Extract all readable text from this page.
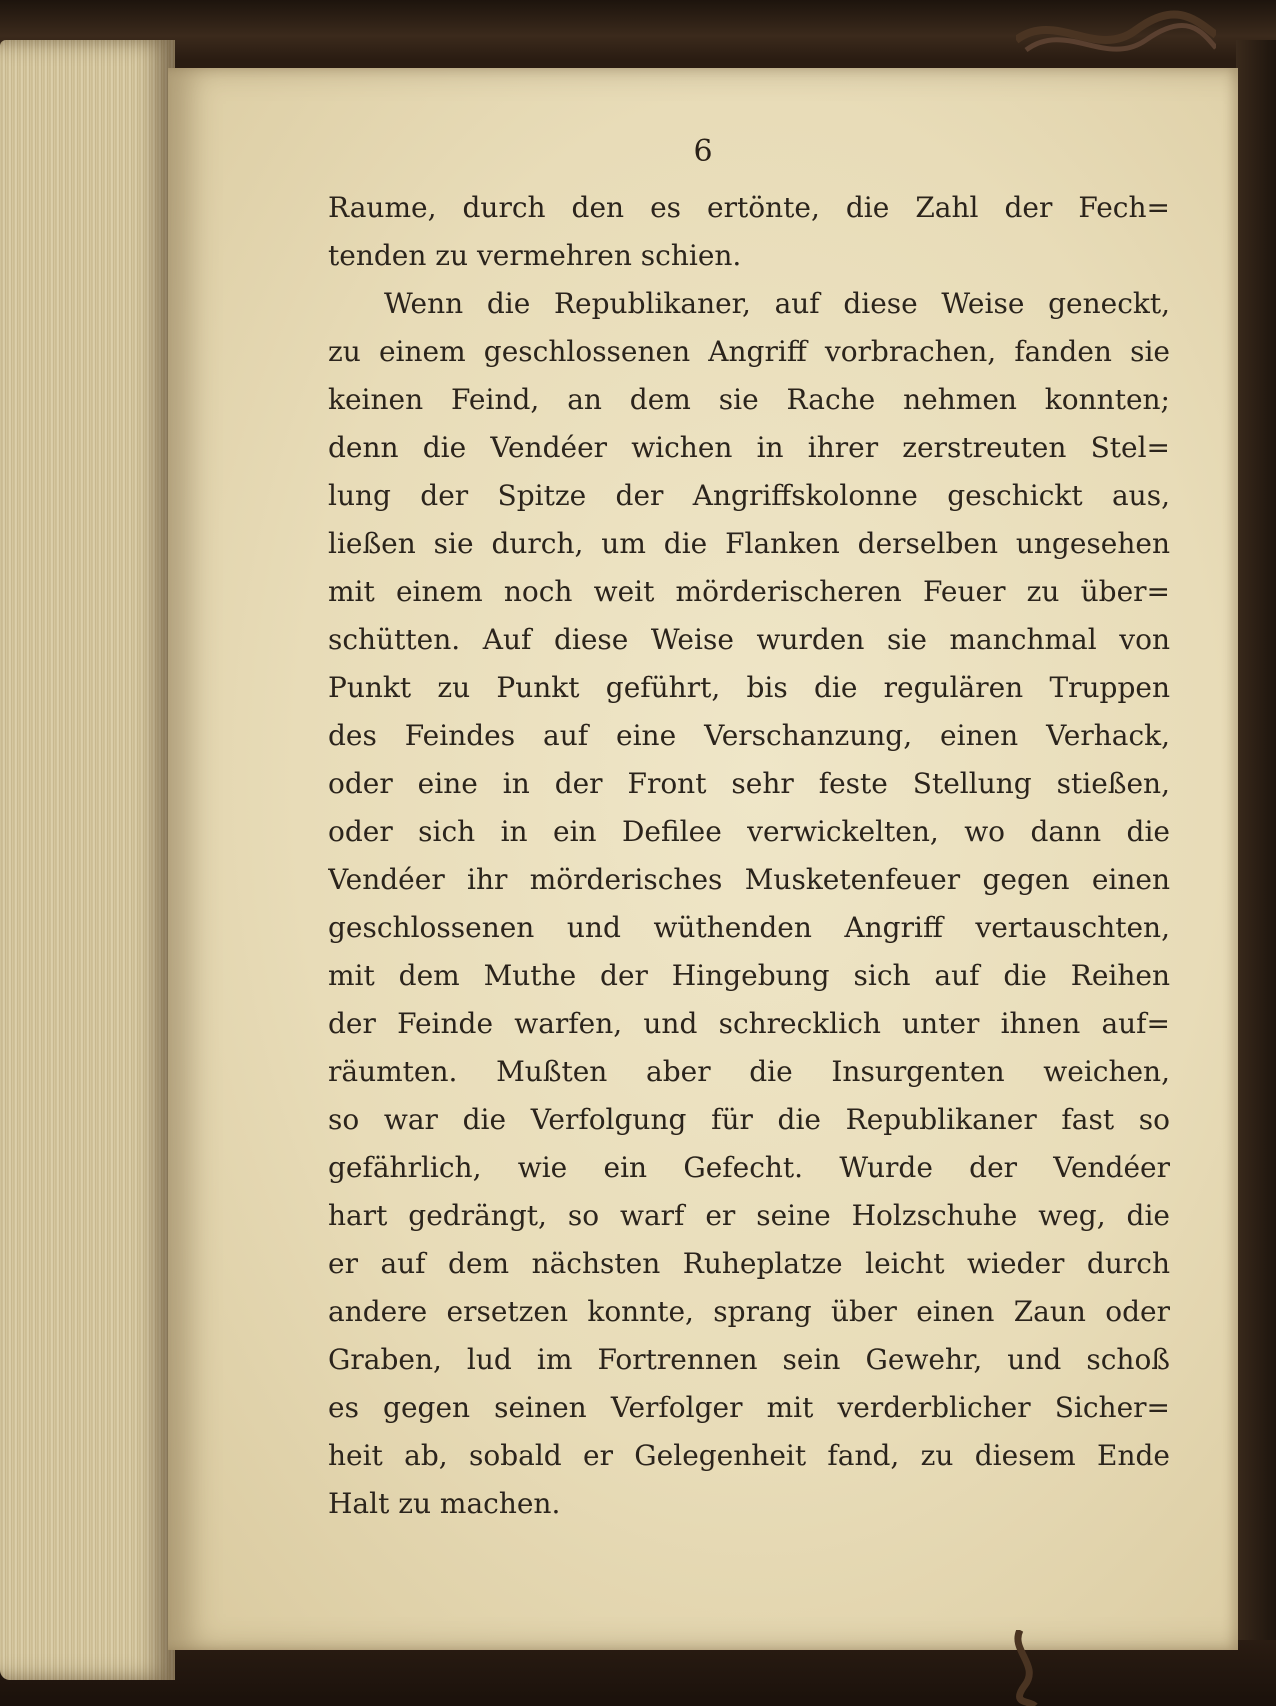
6
Raume, durch den es ertönte, die Zahl der Fech=
tenden zu vermehren schien.
Wenn die Republikaner, auf diese Weise geneckt,
zu einem geschlossenen Angriff vorbrachen, fanden sie
keinen Feind, an dem sie Rache nehmen konnten;
denn die Vendéer wichen in ihrer zerstreuten Stel=
lung der Spitze der Angriffskolonne geschickt aus,
ließen sie durch, um die Flanken derselben ungesehen
mit einem noch weit mörderischeren Feuer zu über=
schütten. Auf diese Weise wurden sie manchmal von
Punkt zu Punkt geführt, bis die regulären Truppen
des Feindes auf eine Verschanzung, einen Verhack,
oder eine in der Front sehr feste Stellung stießen,
oder sich in ein Defilee verwickelten, wo dann die
Vendéer ihr mörderisches Musketenfeuer gegen einen
geschlossenen und wüthenden Angriff vertauschten,
mit dem Muthe der Hingebung sich auf die Reihen
der Feinde warfen, und schrecklich unter ihnen auf=
räumten. Mußten aber die Insurgenten weichen,
so war die Verfolgung für die Republikaner fast so
gefährlich, wie ein Gefecht. Wurde der Vendéer
hart gedrängt, so warf er seine Holzschuhe weg, die
er auf dem nächsten Ruheplatze leicht wieder durch
andere ersetzen konnte, sprang über einen Zaun oder
Graben, lud im Fortrennen sein Gewehr, und schoß
es gegen seinen Verfolger mit verderblicher Sicher=
heit ab, sobald er Gelegenheit fand, zu diesem Ende
Halt zu machen.
